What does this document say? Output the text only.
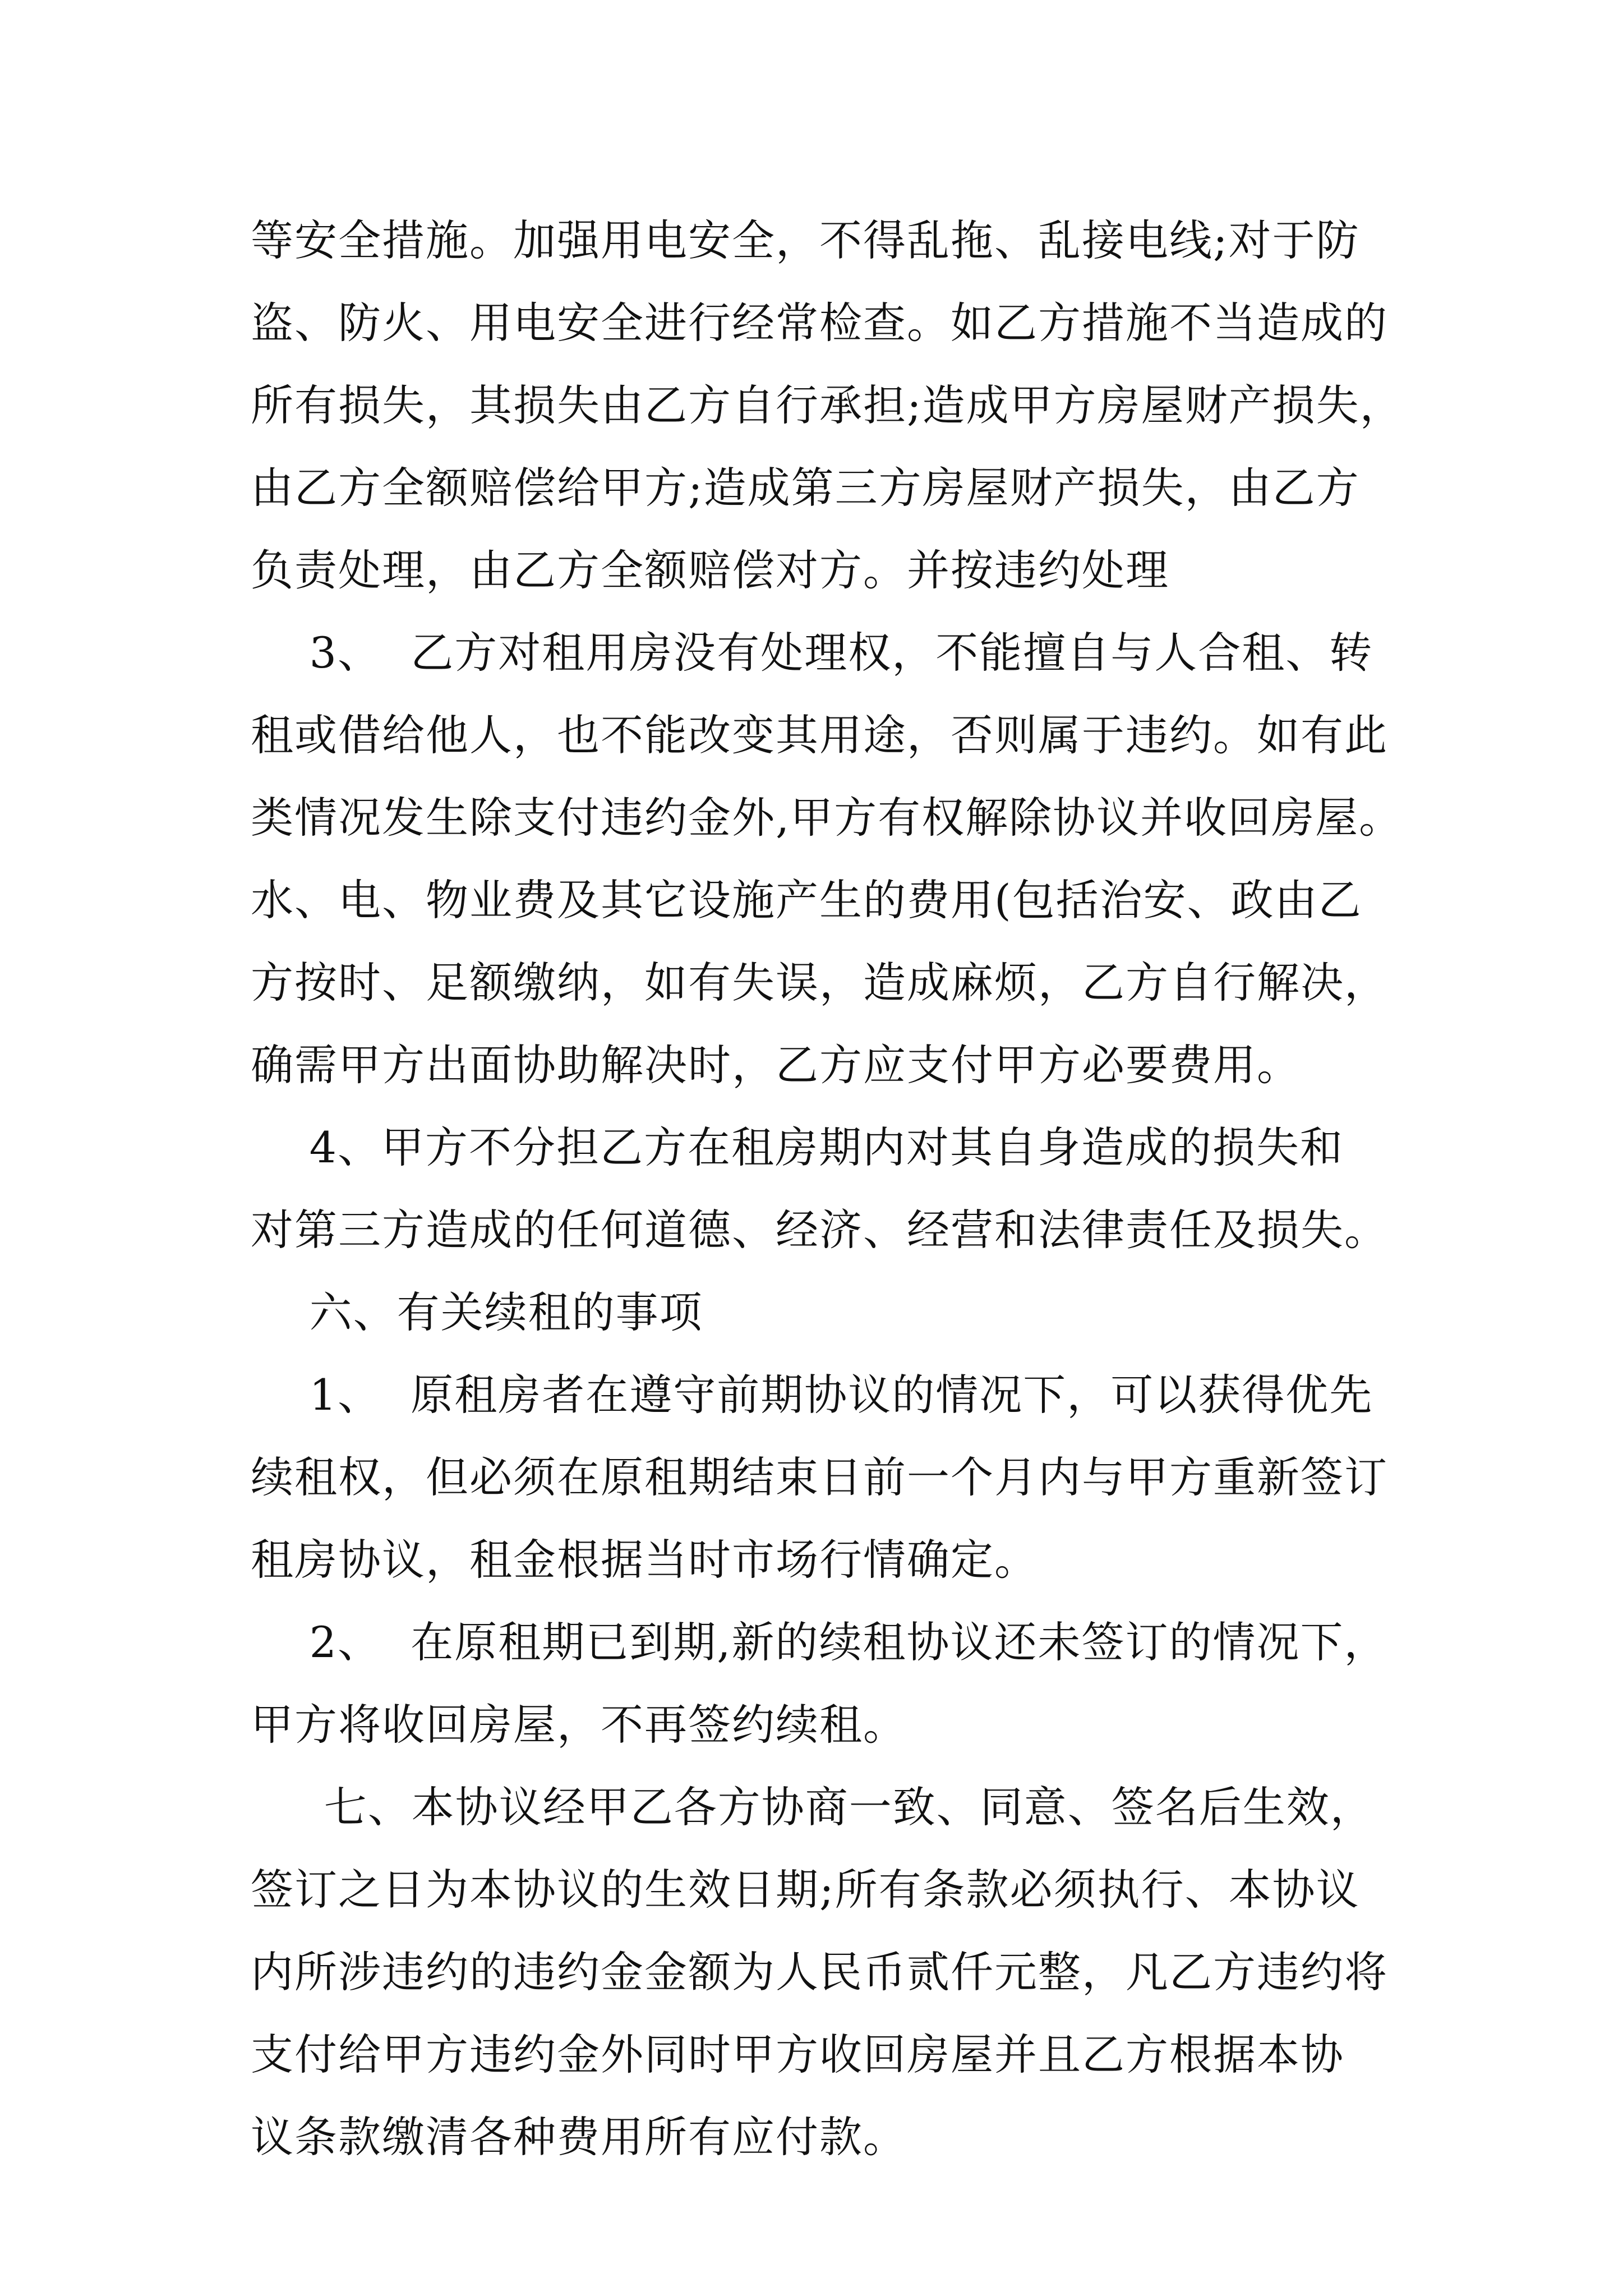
等安全措施。加强用电安全，不得乱拖、乱接电线;对于防
盗、防火、用电安全进行经常检查。如乙方措施不当造成的
所有损失，其损失由乙方自行承担;造成甲方房屋财产损失，
由乙方全额赔偿给甲方;造成第三方房屋财产损失，由乙方
负责处理，由乙方全额赔偿对方。并按违约处理
3、  乙方对租用房没有处理权，不能擅自与人合租、转
租或借给他人，也不能改变其用途，否则属于违约。如有此
类情况发生除支付违约金外,甲方有权解除协议并收回房屋。
水、电、物业费及其它设施产生的费用(包括治安、政由乙
方按时、足额缴纳，如有失误，造成麻烦，乙方自行解决，
确需甲方出面协助解决时，乙方应支付甲方必要费用。
4、甲方不分担乙方在租房期内对其自身造成的损失和
对第三方造成的任何道德、经济、经营和法律责任及损失。
六、有关续租的事项
1、  原租房者在遵守前期协议的情况下，可以获得优先
续租权，但必须在原租期结束日前一个月内与甲方重新签订
租房协议，租金根据当时市场行情确定。
2、  在原租期已到期,新的续租协议还未签订的情况下，
甲方将收回房屋，不再签约续租。
七、本协议经甲乙各方协商一致、同意、签名后生效，
签订之日为本协议的生效日期;所有条款必须执行、本协议
内所涉违约的违约金金额为人民币贰仟元整，凡乙方违约将
支付给甲方违约金外同时甲方收回房屋并且乙方根据本协
议条款缴清各种费用所有应付款。
